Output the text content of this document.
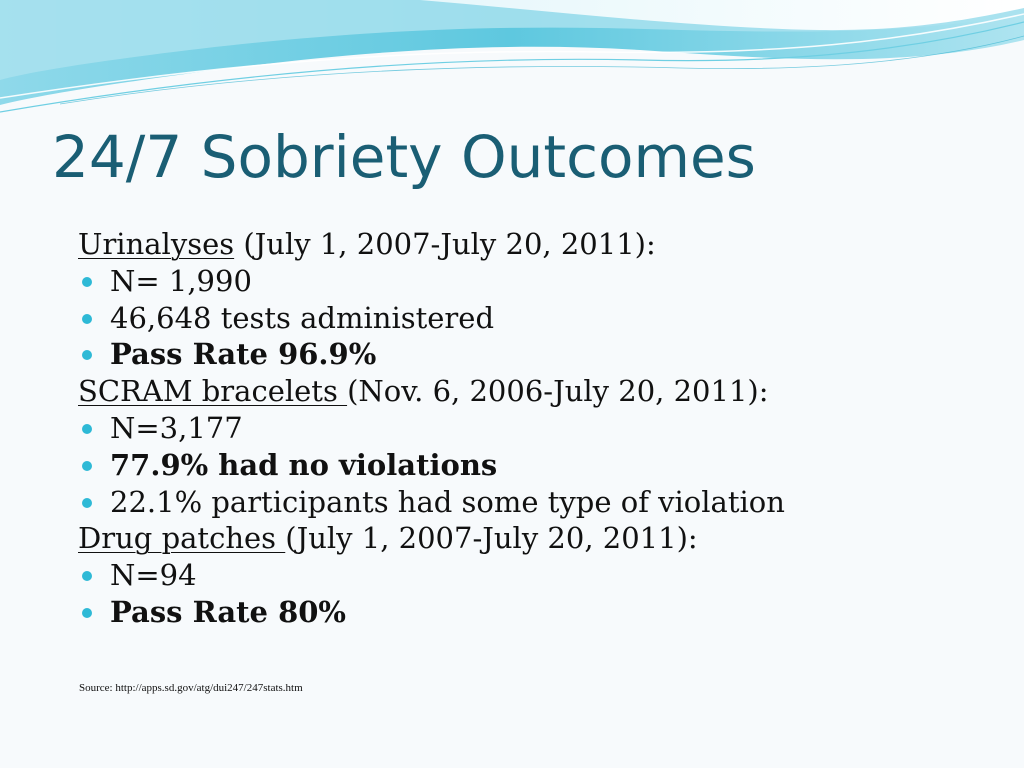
24/7 Sobriety Outcomes
Urinalyses (July 1, 2007-July 20, 2011):
N= 1,990
46,648 tests administered
Pass Rate 96.9%
SCRAM bracelets (Nov. 6, 2006-July 20, 2011):
N=3,177
77.9% had no violations
22.1% participants had some type of violation
Drug patches (July 1, 2007-July 20, 2011):
N=94
Pass Rate 80%
Source: http://apps.sd.gov/atg/dui247/247stats.htm
